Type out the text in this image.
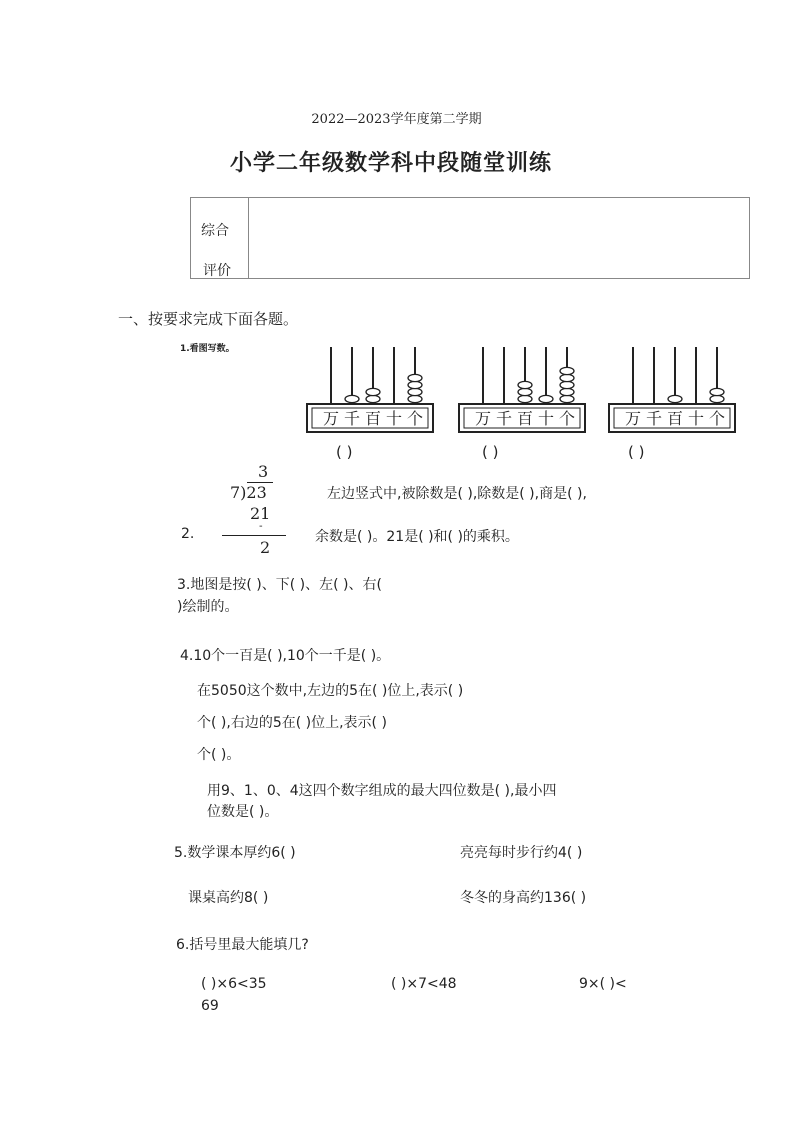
2022—2023学年度第二学期
小学二年级数学科中段随堂训练
综合
评价
一、按要求完成下面各题。
1.看图写数。
万 千 百 十 个	万 千 百 十 个	万 千 百 十 个
( )	( )	( )
3
7)23
21
-
2
2.
左边竖式中,被除数是( ),除数是( ),商是( ),
余数是( )。21是( )和( )的乘积。
3.地图是按( )、下( )、左( )、右(
)绘制的。
4.10个一百是( ),10个一千是( )。
在5050这个数中,左边的5在( )位上,表示( )
个( ),右边的5在( )位上,表示( )
个( )。
用9、1、0、4这四个数字组成的最大四位数是( ),最小四
位数是( )。
5.数学课本厚约6( )	亮亮每时步行约4( )
课桌高约8( )	冬冬的身高约136( )
6.括号里最大能填几?
( )×6<35	( )×7<48	9×( )<
69
